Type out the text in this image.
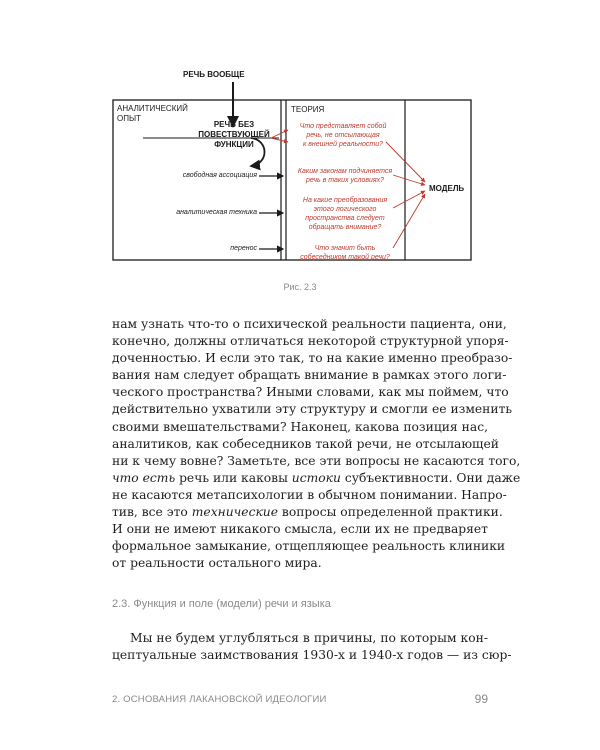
РЕЧЬ ВООБЩЕ
АНАЛИТИЧЕСКИЙ
ОПЫТ
РЕЧЬ БЕЗ
ПОВЕСТВУЮЩЕЙ
ФУНКЦИИ
ТЕОРИЯ
МОДЕЛЬ
свободная ассоциация
аналитическая техника
перенос
Что представляет собой
речь, не отсылающая
к внешней реальности?
Каким законам подчиняется
речь в таких условиях?
На какие преобразования
этого логического
пространства следует
обращать внимание?
Что значит быть
собеседником такой речи?
Рис. 2.3
нам узнать что-то о психической реальности пациента, они,
конечно, должны отличаться некоторой структурной упоря-
доченностью. И если это так, то на какие именно преобразо-
вания нам следует обращать внимание в рамках этого логи-
ческого пространства? Иными словами, как мы поймем, что
действительно ухватили эту структуру и смогли ее изменить
своими вмешательствами? Наконец, какова позиция нас,
аналитиков, как собеседников такой речи, не отсылающей
ни к чему вовне? Заметьте, все эти вопросы не касаются того,
что есть речь или каковы истоки субъективности. Они даже
не касаются метапсихологии в обычном понимании. Напро-
тив, все это технические вопросы определенной практики.
И они не имеют никакого смысла, если их не предваряет
формальное замыкание, отщепляющее реальность клиники
от реальности остального мира.
2.3. Функция и поле (модели) речи и языка
Мы не будем углубляться в причины, по которым кон-
цептуальные заимствования 1930-х и 1940-х годов — из сюр-
2. ОСНОВАНИЯ ЛАКАНОВСКОЙ ИДЕОЛОГИИ	99
